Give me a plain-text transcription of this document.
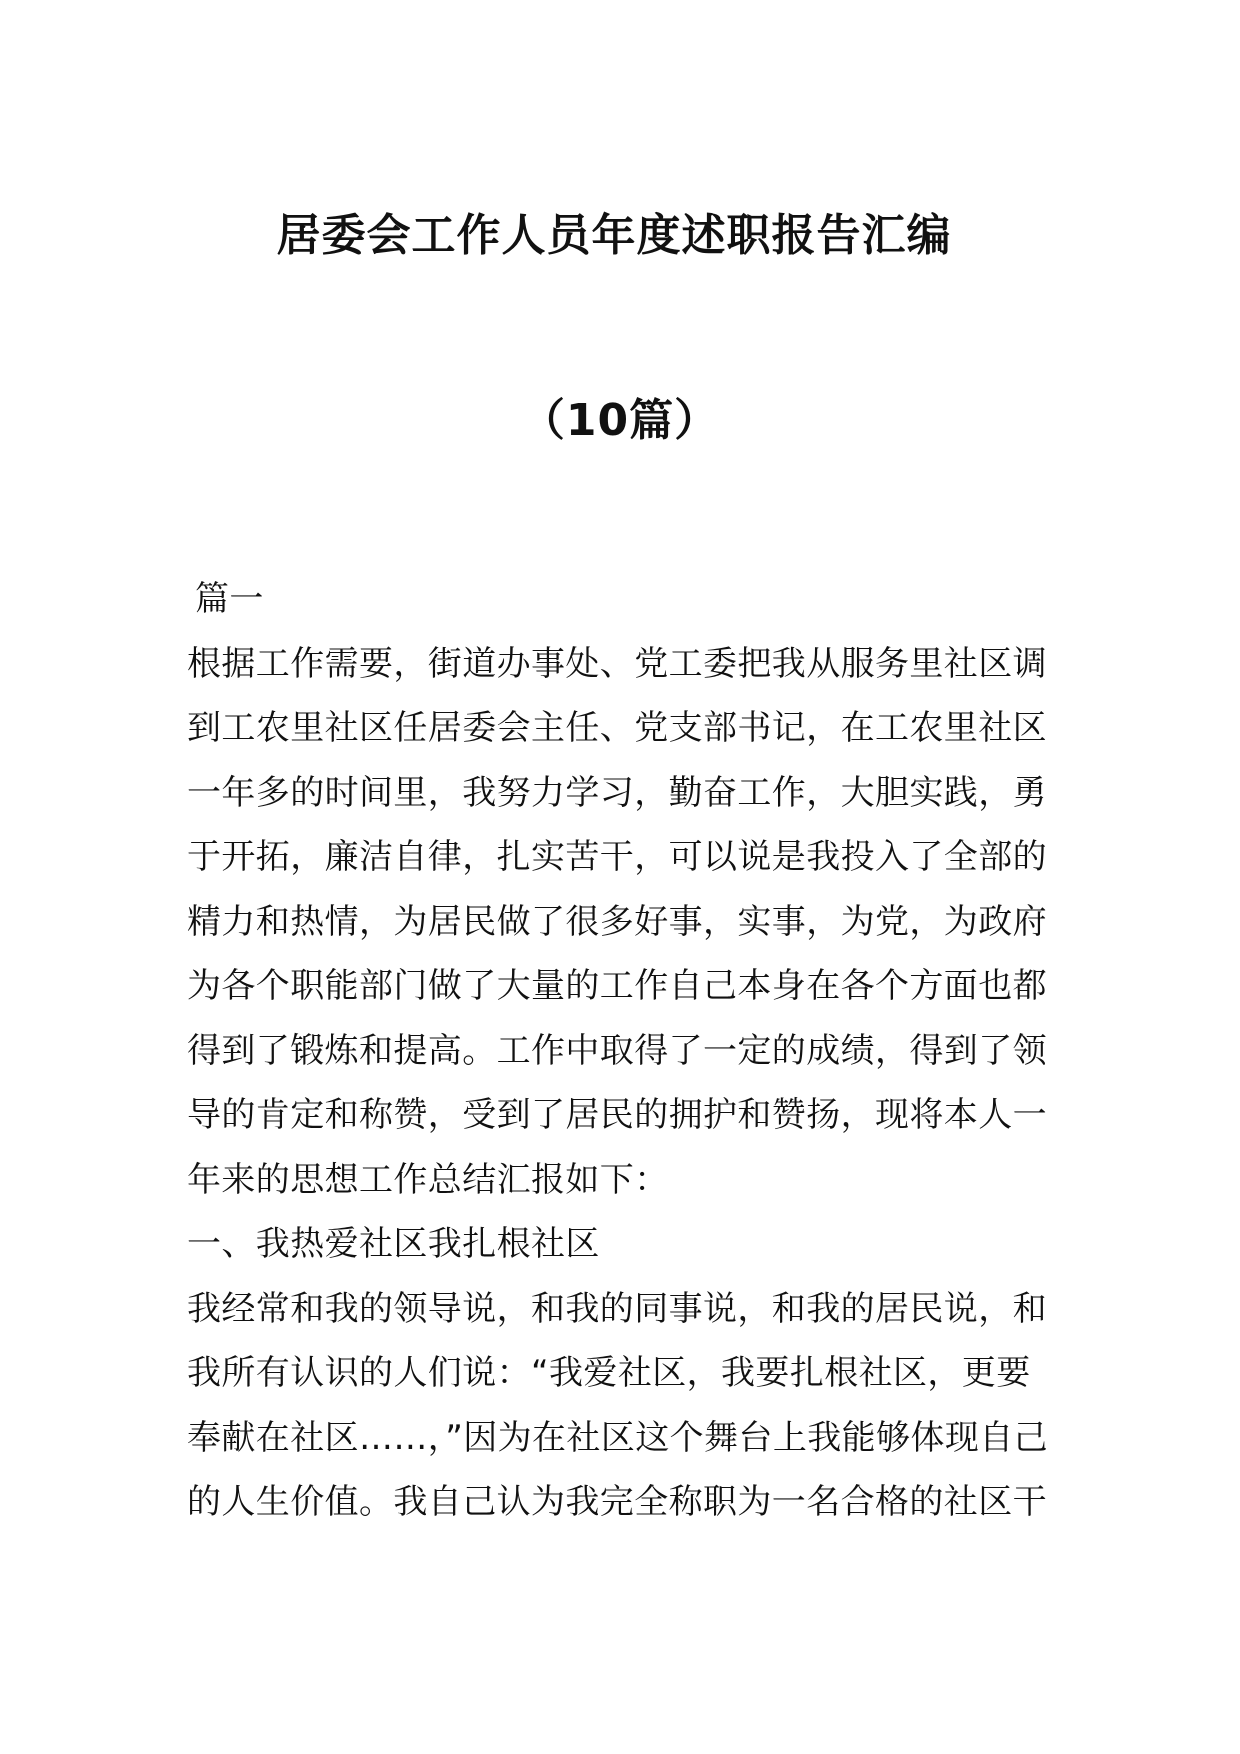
居委会工作人员年度述职报告汇编
（10篇）
篇一
根据工作需要，街道办事处、党工委把我从服务里社区调
到工农里社区任居委会主任、党支部书记，在工农里社区
一年多的时间里，我努力学习，勤奋工作，大胆实践，勇
于开拓，廉洁自律，扎实苦干，可以说是我投入了全部的
精力和热情，为居民做了很多好事，实事，为党，为政府
为各个职能部门做了大量的工作自己本身在各个方面也都
得到了锻炼和提高。工作中取得了一定的成绩，得到了领
导的肯定和称赞，受到了居民的拥护和赞扬，现将本人一
年来的思想工作总结汇报如下：
一、我热爱社区我扎根社区
我经常和我的领导说，和我的同事说，和我的居民说，和
我所有认识的人们说：“我爱社区，我要扎根社区，更要
奉献在社区……，”因为在社区这个舞台上我能够体现自己
的人生价值。我自己认为我完全称职为一名合格的社区干
